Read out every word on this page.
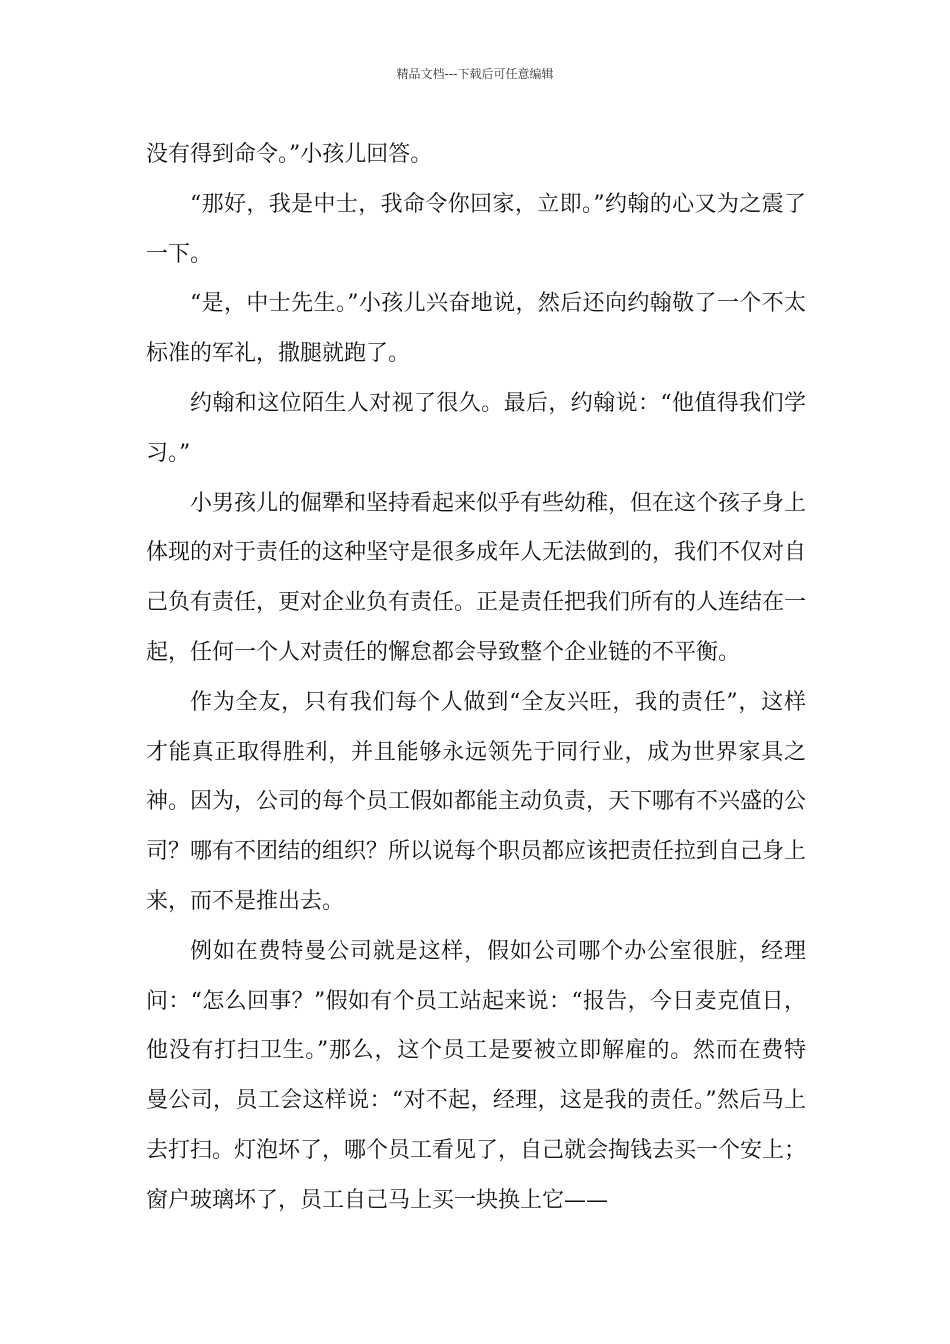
精品文档---下载后可任意编辑

没有得到命令。”小孩儿回答。

“那好，我是中士，我命令你回家，立即。”约翰的心又为之震了一下。

“是，中士先生。”小孩儿兴奋地说，然后还向约翰敬了一个不太标准的军礼，撒腿就跑了。

约翰和这位陌生人对视了很久。最后，约翰说：“他值得我们学习。”

小男孩儿的倔犟和坚持看起来似乎有些幼稚，但在这个孩子身上体现的对于责任的这种坚守是很多成年人无法做到的，我们不仅对自己负有责任，更对企业负有责任。正是责任把我们所有的人连结在一起，任何一个人对责任的懈怠都会导致整个企业链的不平衡。

作为全友，只有我们每个人做到“全友兴旺，我的责任”，这样才能真正取得胜利，并且能够永远领先于同行业，成为世界家具之神。因为，公司的每个员工假如都能主动负责，天下哪有不兴盛的公司？哪有不团结的组织？所以说每个职员都应该把责任拉到自己身上来，而不是推出去。

例如在费特曼公司就是这样，假如公司哪个办公室很脏，经理问：“怎么回事？”假如有个员工站起来说：“报告，今日麦克值日，他没有打扫卫生。”那么，这个员工是要被立即解雇的。然而在费特曼公司，员工会这样说：“对不起，经理，这是我的责任。”然后马上去打扫。灯泡坏了，哪个员工看见了，自己就会掏钱去买一个安上；窗户玻璃坏了，员工自己马上买一块换上它——
